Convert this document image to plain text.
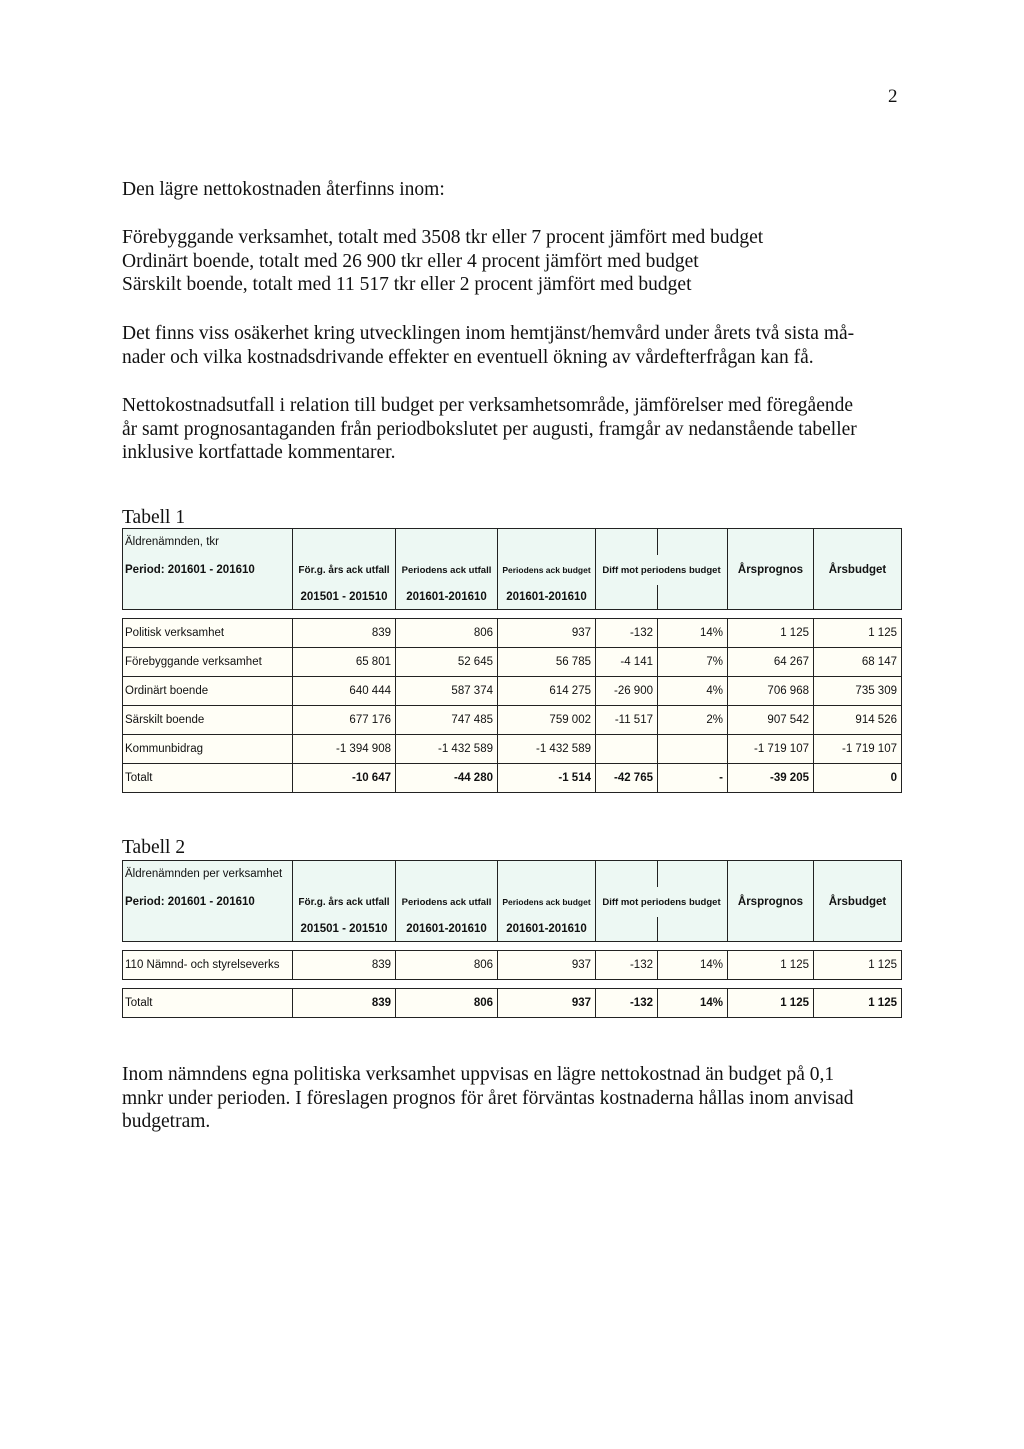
2
Den lägre nettokostnaden återfinns inom:
Förebyggande verksamhet, totalt med 3508 tkr eller 7 procent jämfört med budget
Ordinärt boende, totalt med 26 900 tkr eller 4 procent jämfört med budget
Särskilt boende, totalt med 11 517 tkr eller 2 procent jämfört med budget
Det finns viss osäkerhet kring utvecklingen inom hemtjänst/hemvård under årets två sista må-
nader och vilka kostnadsdrivande effekter en eventuell ökning av vårdefterfrågan kan få.
Nettokostnadsutfall i relation till budget per verksamhetsområde, jämförelser med föregående
år samt prognosantaganden från periodbokslutet per augusti, framgår av nedanstående tabeller
inklusive kortfattade kommentarer.
Tabell 1
Äldrenämnden, tkr							
Period: 201601 - 201610	För.g. års ack utfall	Periodens ack utfall	Periodens ack budget	Diff mot periodens budget		Årsprognos	Årsbudget
	201501 - 201510	201601-201610	201601-201610				

Politisk verksamhet	839	806	937	-132	14%	1 125	1 125
Förebyggande verksamhet	65 801	52 645	56 785	-4 141	7%	64 267	68 147
Ordinärt boende	640 444	587 374	614 275	-26 900	4%	706 968	735 309
Särskilt boende	677 176	747 485	759 002	-11 517	2%	907 542	914 526
Kommunbidrag	-1 394 908	-1 432 589	-1 432 589			-1 719 107	-1 719 107
Totalt	-10 647	-44 280	-1 514	-42 765	-	-39 205	0
Tabell 2
Äldrenämnden per verksamhet							
Period: 201601 - 201610	För.g. års ack utfall	Periodens ack utfall	Periodens ack budget	Diff mot periodens budget		Årsprognos	Årsbudget
	201501 - 201510	201601-201610	201601-201610				

110 Nämnd- och styrelseverks	839	806	937	-132	14%	1 125	1 125

Totalt	839	806	937	-132	14%	1 125	1 125
Inom nämndens egna politiska verksamhet uppvisas en lägre nettokostnad än budget på 0,1
mnkr under perioden. I föreslagen prognos för året förväntas kostnaderna hållas inom anvisad
budgetram.
